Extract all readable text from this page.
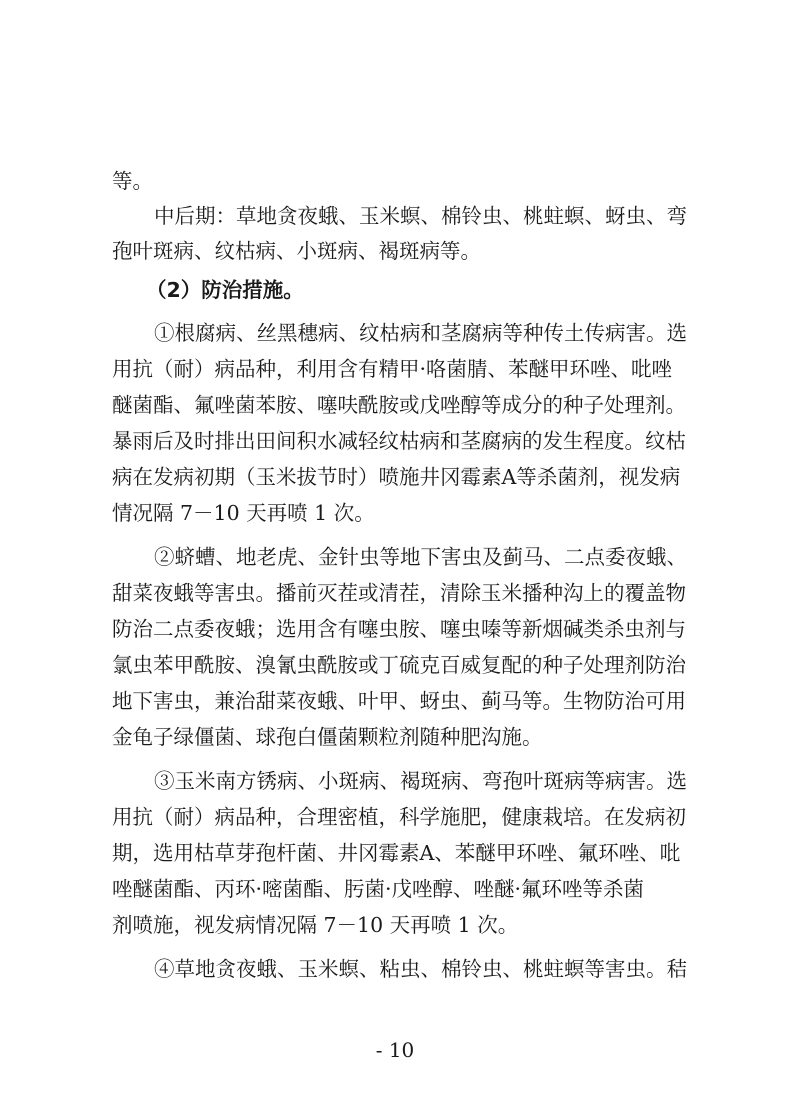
等。
中后期：草地贪夜蛾、玉米螟、棉铃虫、桃蛀螟、蚜虫、弯
孢叶斑病、纹枯病、小斑病、褐斑病等。
（2）防治措施。
①根腐病、丝黑穗病、纹枯病和茎腐病等种传土传病害。选
用抗（耐）病品种，利用含有精甲·咯菌腈、苯醚甲环唑、吡唑
醚菌酯、氟唑菌苯胺、噻呋酰胺或戊唑醇等成分的种子处理剂。
暴雨后及时排出田间积水减轻纹枯病和茎腐病的发生程度。纹枯
病在发病初期（玉米拔节时）喷施井冈霉素A等杀菌剂，视发病
情况隔 7－10 天再喷 1 次。
②蛴螬、地老虎、金针虫等地下害虫及蓟马、二点委夜蛾、
甜菜夜蛾等害虫。播前灭茬或清茬，清除玉米播种沟上的覆盖物
防治二点委夜蛾；选用含有噻虫胺、噻虫嗪等新烟碱类杀虫剂与
氯虫苯甲酰胺、溴氰虫酰胺或丁硫克百威复配的种子处理剂防治
地下害虫，兼治甜菜夜蛾、叶甲、蚜虫、蓟马等。生物防治可用
金龟子绿僵菌、球孢白僵菌颗粒剂随种肥沟施。
③玉米南方锈病、小斑病、褐斑病、弯孢叶斑病等病害。选
用抗（耐）病品种，合理密植，科学施肥，健康栽培。在发病初
期，选用枯草芽孢杆菌、井冈霉素A、苯醚甲环唑、氟环唑、吡
唑醚菌酯、丙环·嘧菌酯、肟菌·戊唑醇、唑醚·氟环唑等杀菌
剂喷施，视发病情况隔 7－10 天再喷 1 次。
④草地贪夜蛾、玉米螟、粘虫、棉铃虫、桃蛀螟等害虫。秸
- 10
